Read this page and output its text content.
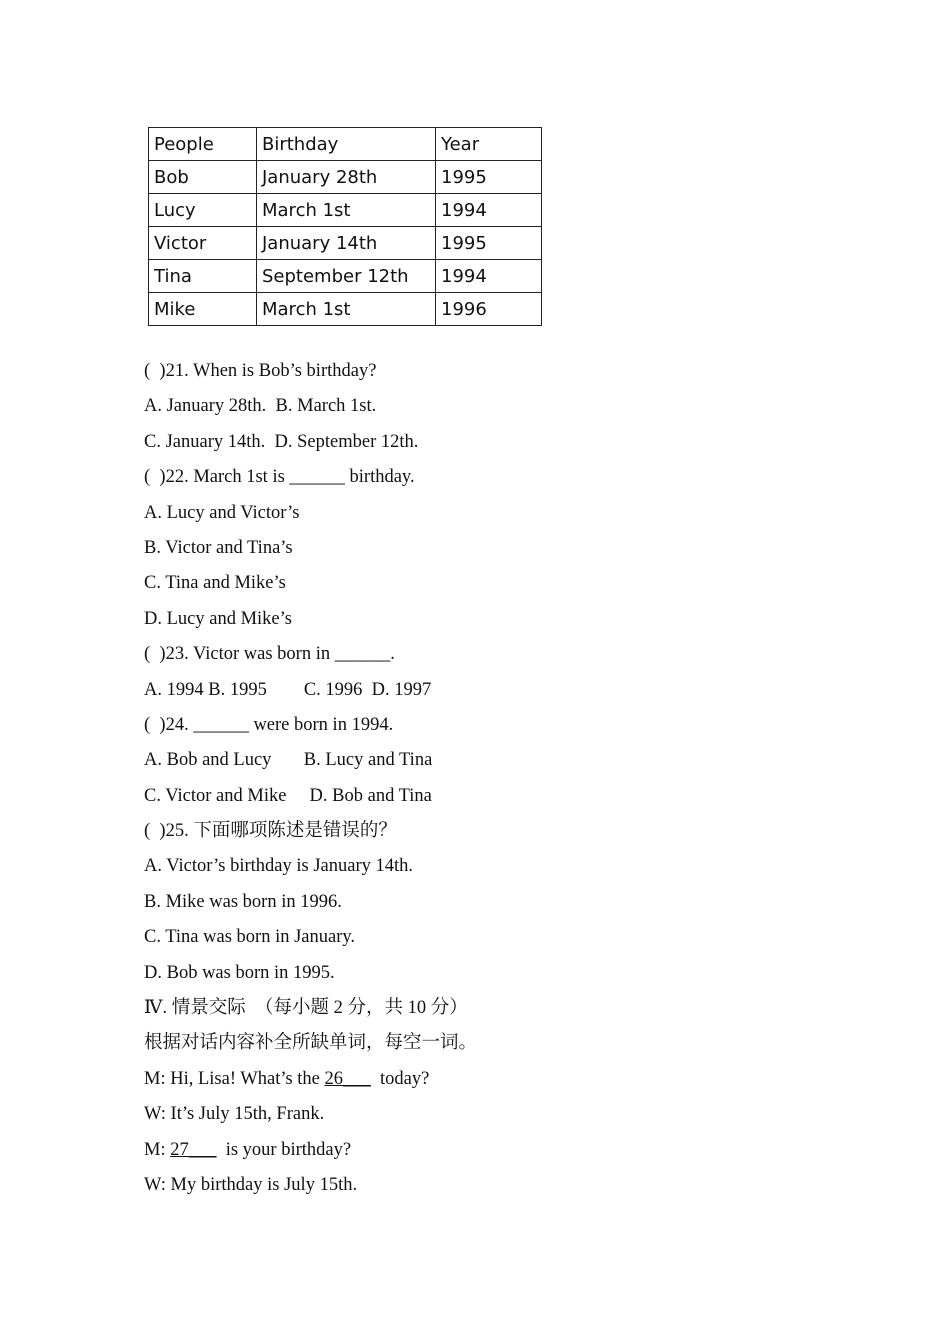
People	Birthday	Year
Bob	January 28th	1995
Lucy	March 1st	1994
Victor	January 14th	1995
Tina	September 12th	1994
Mike	March 1st	1996
(  )21. When is Bob’s birthday?
A. January 28th.  B. March 1st.
C. January 14th.  D. September 12th.
(  )22. March 1st is ______ birthday.
A. Lucy and Victor’s
B. Victor and Tina’s
C. Tina and Mike’s
D. Lucy and Mike’s
(  )23. Victor was born in ______.
A. 1994 B. 1995        C. 1996  D. 1997
(  )24. ______ were born in 1994.
A. Bob and Lucy       B. Lucy and Tina
C. Victor and Mike     D. Bob and Tina
(  )25. 下面哪项陈述是错误的？
A. Victor’s birthday is January 14th.
B. Mike was born in 1996.
C. Tina was born in January.
D. Bob was born in 1995.
Ⅳ. 情景交际  （每小题 2 分，共 10 分）
根据对话内容补全所缺单词，每空一词。
M: Hi, Lisa! What’s the 26___  today?
W: It’s July 15th, Frank.
M: 27___  is your birthday?
W: My birthday is July 15th.
